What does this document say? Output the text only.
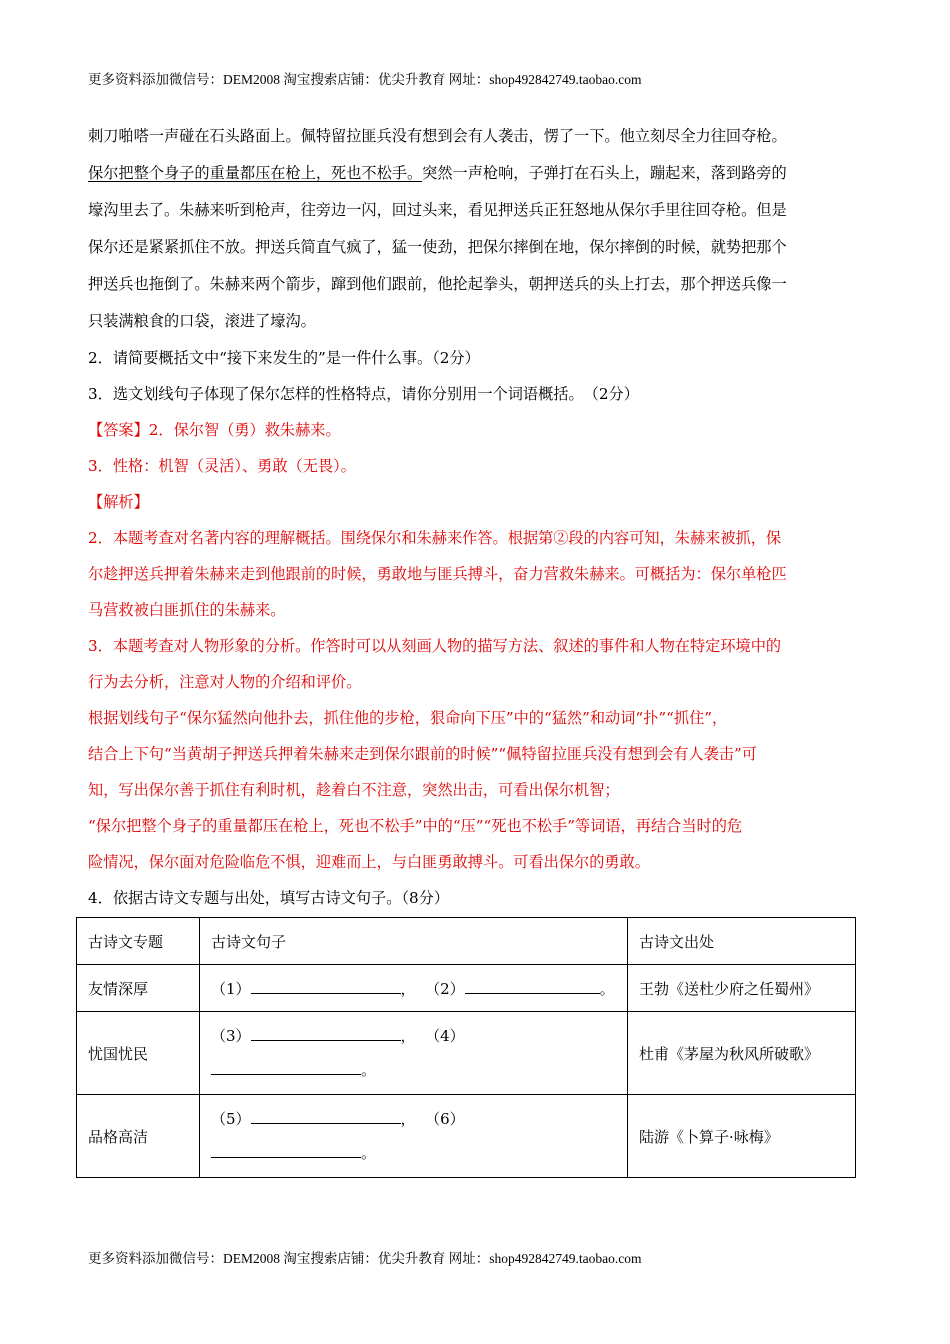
更多资料添加微信号：DEM2008 淘宝搜索店铺：优尖升教育 网址：shop492842749.taobao.com

刺刀啪嗒一声碰在石头路面上。佩特留拉匪兵没有想到会有人袭击，愣了一下。他立刻尽全力往回夺枪。

保尔把整个身子的重量都压在枪上，死也不松手。突然一声枪响，子弹打在石头上，蹦起来，落到路旁的

壕沟里去了。朱赫来听到枪声，往旁边一闪，回过头来，看见押送兵正狂怒地从保尔手里往回夺枪。但是

保尔还是紧紧抓住不放。押送兵简直气疯了，猛一使劲，把保尔摔倒在地，保尔摔倒的时候，就势把那个

押送兵也拖倒了。朱赫来两个箭步，蹿到他们跟前，他抡起拳头，朝押送兵的头上打去，那个押送兵像一

只装满粮食的口袋，滚进了壕沟。

2．请简要概括文中“接下来发生的”是一件什么事。（2分）

3．选文划线句子体现了保尔怎样的性格特点，请你分别用一个词语概括。　（2分）

【答案】2．保尔智（勇）救朱赫来。

3．性格：机智（灵活）、勇敢（无畏）。

【解析】

2．本题考查对名著内容的理解概括。围绕保尔和朱赫来作答。根据第②段的内容可知，朱赫来被抓，保

尔趁押送兵押着朱赫来走到他跟前的时候，勇敢地与匪兵搏斗，奋力营救朱赫来。可概括为：保尔单枪匹

马营救被白匪抓住的朱赫来。

3．本题考查对人物形象的分析。作答时可以从刻画人物的描写方法、叙述的事件和人物在特定环境中的

行为去分析，注意对人物的介绍和评价。

根据划线句子“保尔猛然向他扑去，抓住他的步枪，狠命向下压”中的“猛然”和动词“扑”“抓住”，

结合上下句“当黄胡子押送兵押着朱赫来走到保尔跟前的时候”“佩特留拉匪兵没有想到会有人袭击”可

知，写出保尔善于抓住有利时机，趁着白不注意，突然出击，可看出保尔机智；

“保尔把整个身子的重量都压在枪上，死也不松手”中的“压”“死也不松手”等词语，再结合当时的危

险情况，保尔面对危险临危不惧，迎难而上，与白匪勇敢搏斗。可看出保尔的勇敢。

4．依据古诗文专题与出处，填写古诗文句子。（8分）

古诗文专题	古诗文句子	古诗文出处
友情深厚	（1） ， （2） 。	王勃《送杜少府之任蜀州》
忧国忧民	（3） ， （4）
。	杜甫《茅屋为秋风所破歌》
品格高洁	（5） ， （6）
。	陆游《卜算子·咏梅》
更多资料添加微信号：DEM2008 淘宝搜索店铺：优尖升教育 网址：shop492842749.taobao.com
